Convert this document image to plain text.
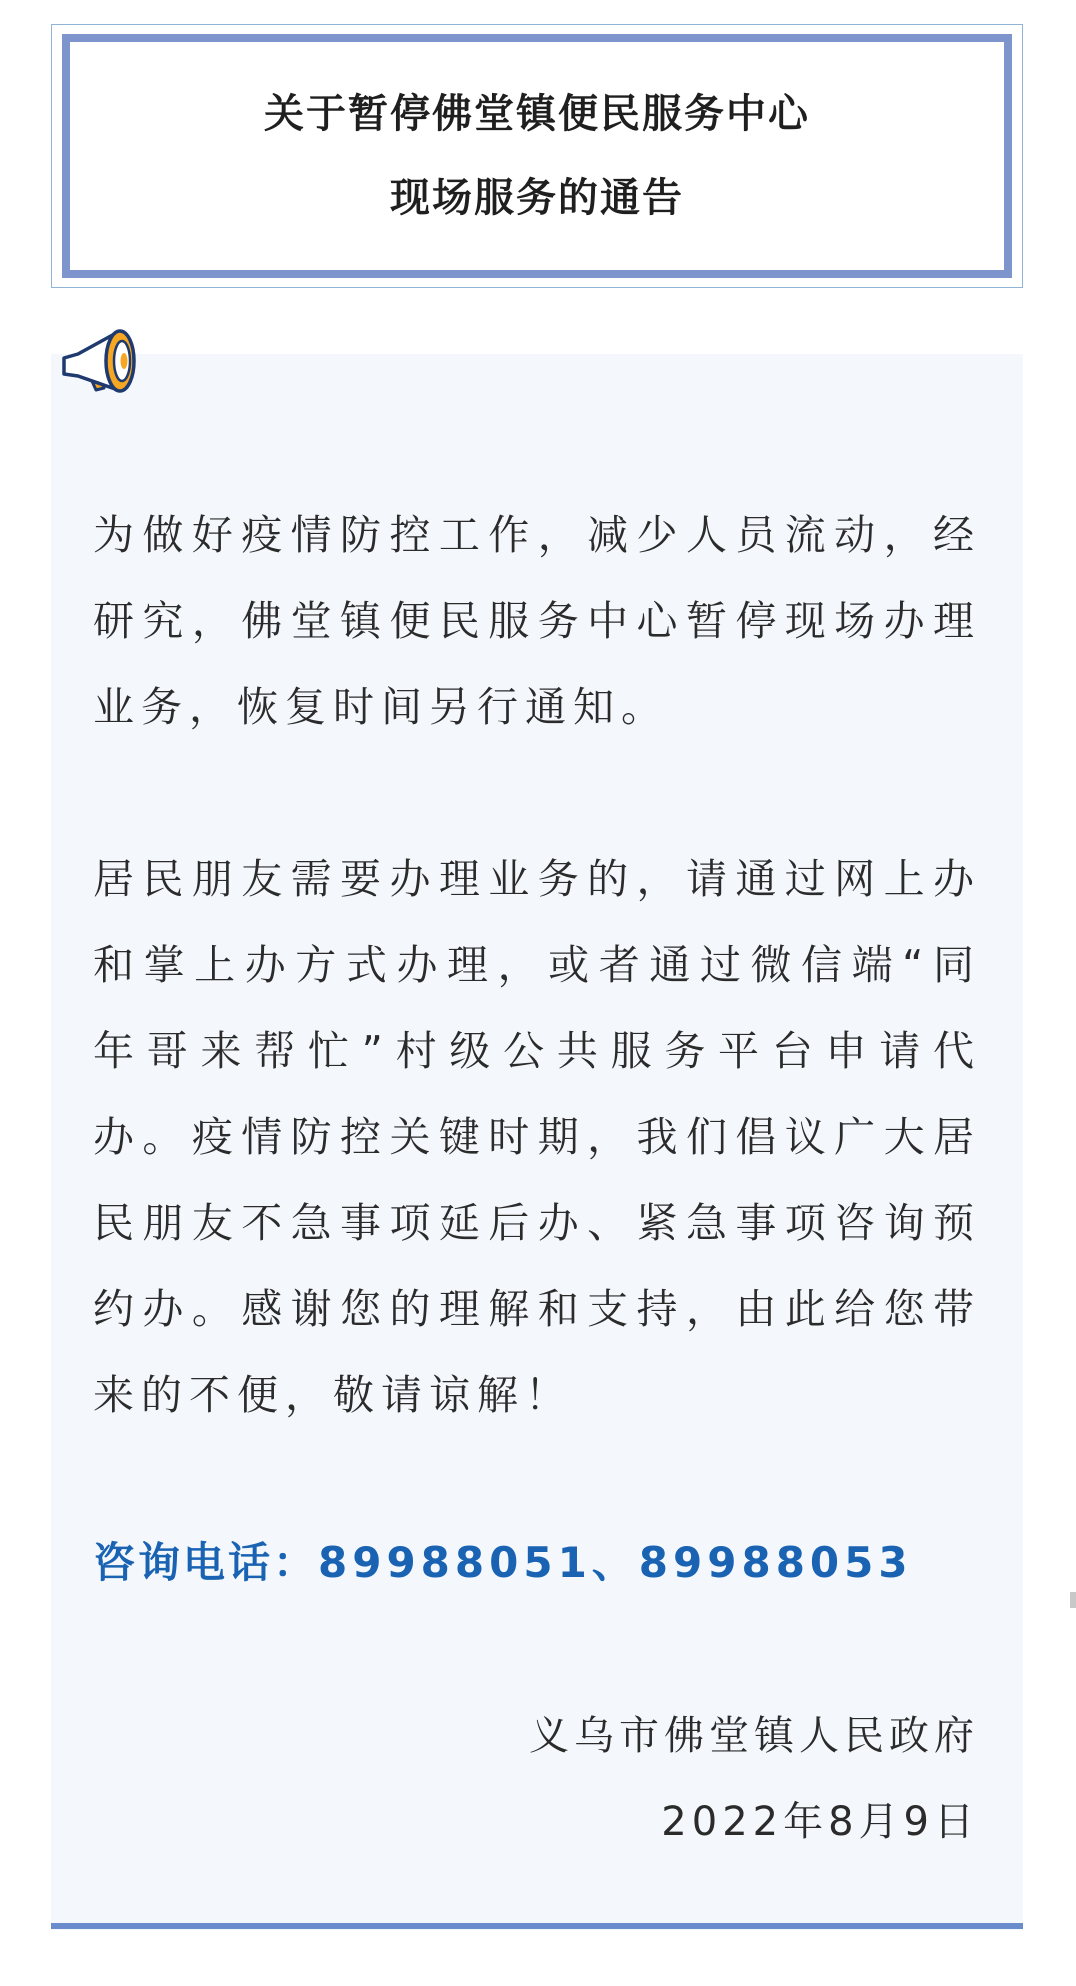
关于暂停佛堂镇便民服务中心
现场服务的通告

为做好疫情防控工作，减少人员流动，经研究，佛堂镇便民服务中心暂停现场办理业务，恢复时间另行通知。

居民朋友需要办理业务的，请通过网上办和掌上办方式办理，或者通过微信端“同年哥来帮忙”村级公共服务平台申请代办。疫情防控关键时期，我们倡议广大居民朋友不急事项延后办、紧急事项咨询预约办。感谢您的理解和支持，由此给您带来的不便，敬请谅解！

咨询电话：89988051、89988053
义乌市佛堂镇人民政府
2022年8月9日
